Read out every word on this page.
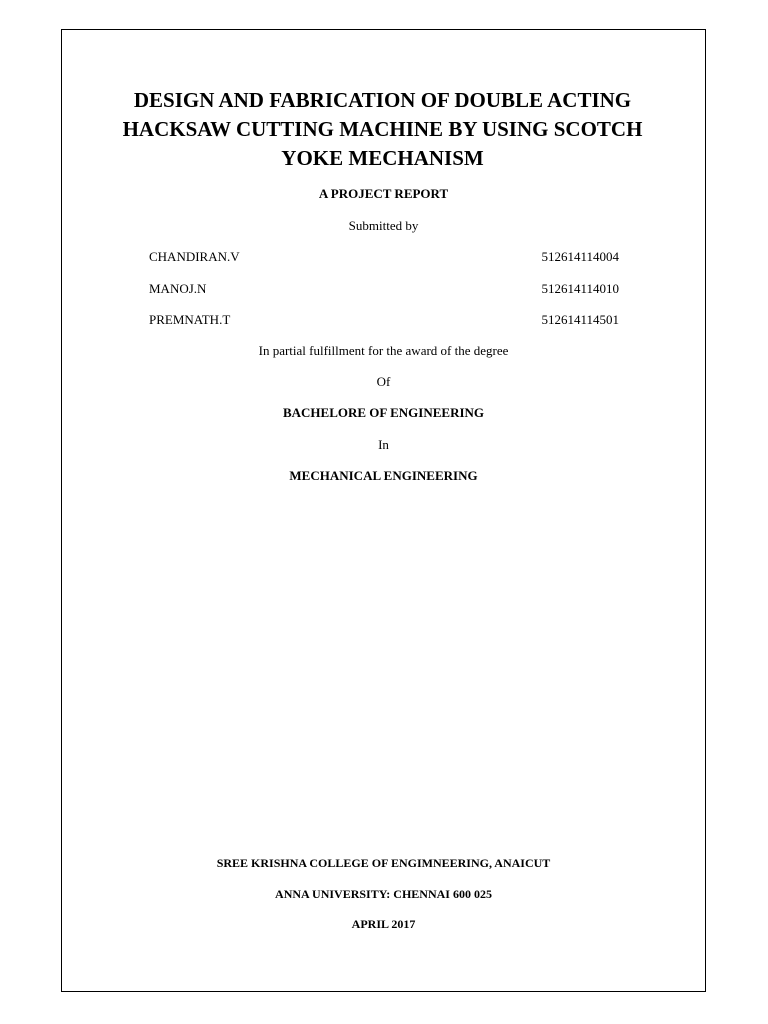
DESIGN AND FABRICATION OF DOUBLE ACTING
HACKSAW CUTTING MACHINE BY USING SCOTCH
YOKE MECHANISM

A PROJECT REPORT

Submitted by

CHANDIRAN.V	512614114004
MANOJ.N	512614114010
PREMNATH.T	512614114501

In partial fulfillment for the award of the degree

Of

BACHELORE OF ENGINEERING

In

MECHANICAL ENGINEERING

SREE KRISHNA COLLEGE OF ENGIMNEERING, ANAICUT

ANNA UNIVERSITY: CHENNAI 600 025

APRIL 2017
